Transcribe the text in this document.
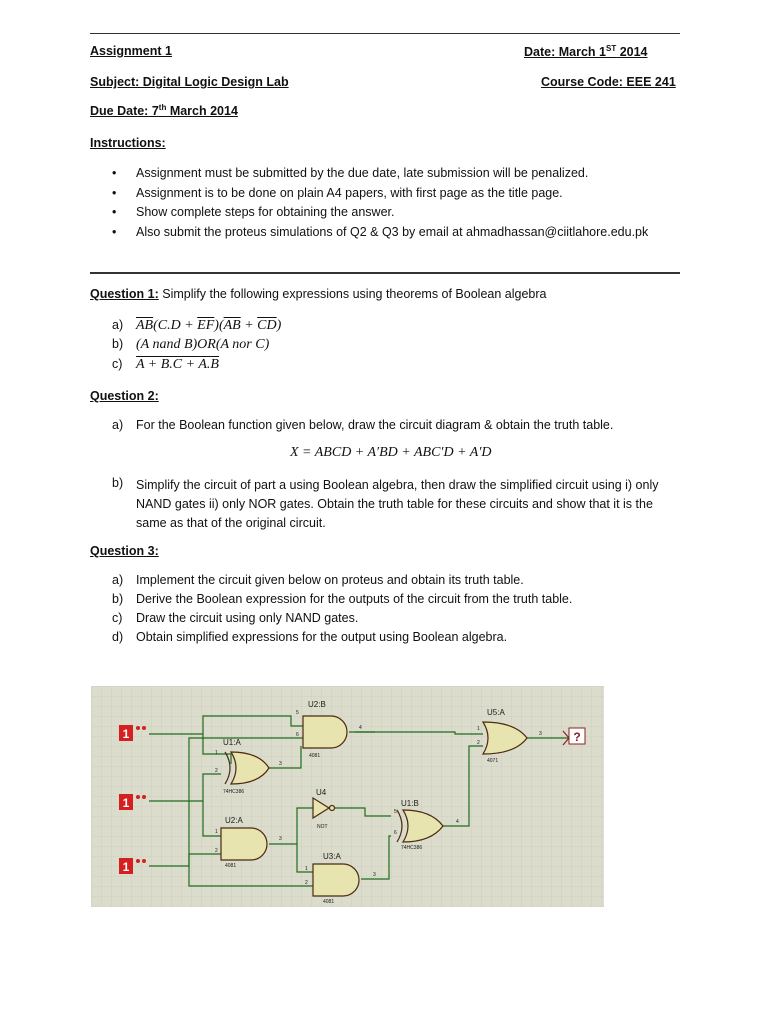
Assignment 1	Date: March 1ST 2014
Subject: Digital Logic Design Lab	Course Code: EEE 241
Due Date: 7th March 2014
Instructions:
• Assignment must be submitted by the due date, late submission will be penalized.
• Assignment is to be done on plain A4 papers, with first page as the title page.
• Show complete steps for obtaining the answer.
• Also submit the proteus simulations of Q2 & Q3 by email at ahmadhassan@ciitlahore.edu.pk
Question 1: Simplify the following expressions using theorems of Boolean algebra
a) $\overline{AB}(C.D + \overline{EF})(\overline{AB} + \overline{CD})$
b) (A nand B)OR(A nor C)
c) A + B.C + A.B
Question 2:
a) For the Boolean function given below, draw the circuit diagram & obtain the truth table.
X = ABCD + A′BD + ABC′D + A′D
b)	Simplify the circuit of part a using Boolean algebra, then draw the simplified circuit using i) only
NAND gates ii) only NOR gates. Obtain the truth table for these circuits and show that it is the
same as that of the original circuit.
Question 3:
a) Implement the circuit given below on proteus and obtain its truth table.
b) Derive the Boolean expression for the outputs of the circuit from the truth table.
c) Draw the circuit using only NAND gates.
d) Obtain simplified expressions for the output using Boolean algebra.
1
1
1
?
U2:B
4081
U1:A
74HC386
U5:A
4071
U4
NOT
U1:B
74HC386
U2:A
4081
U3:A
4081
5
6
4
1
2
3
1
2
3
5
6
4
1
2
3
1
2
3
